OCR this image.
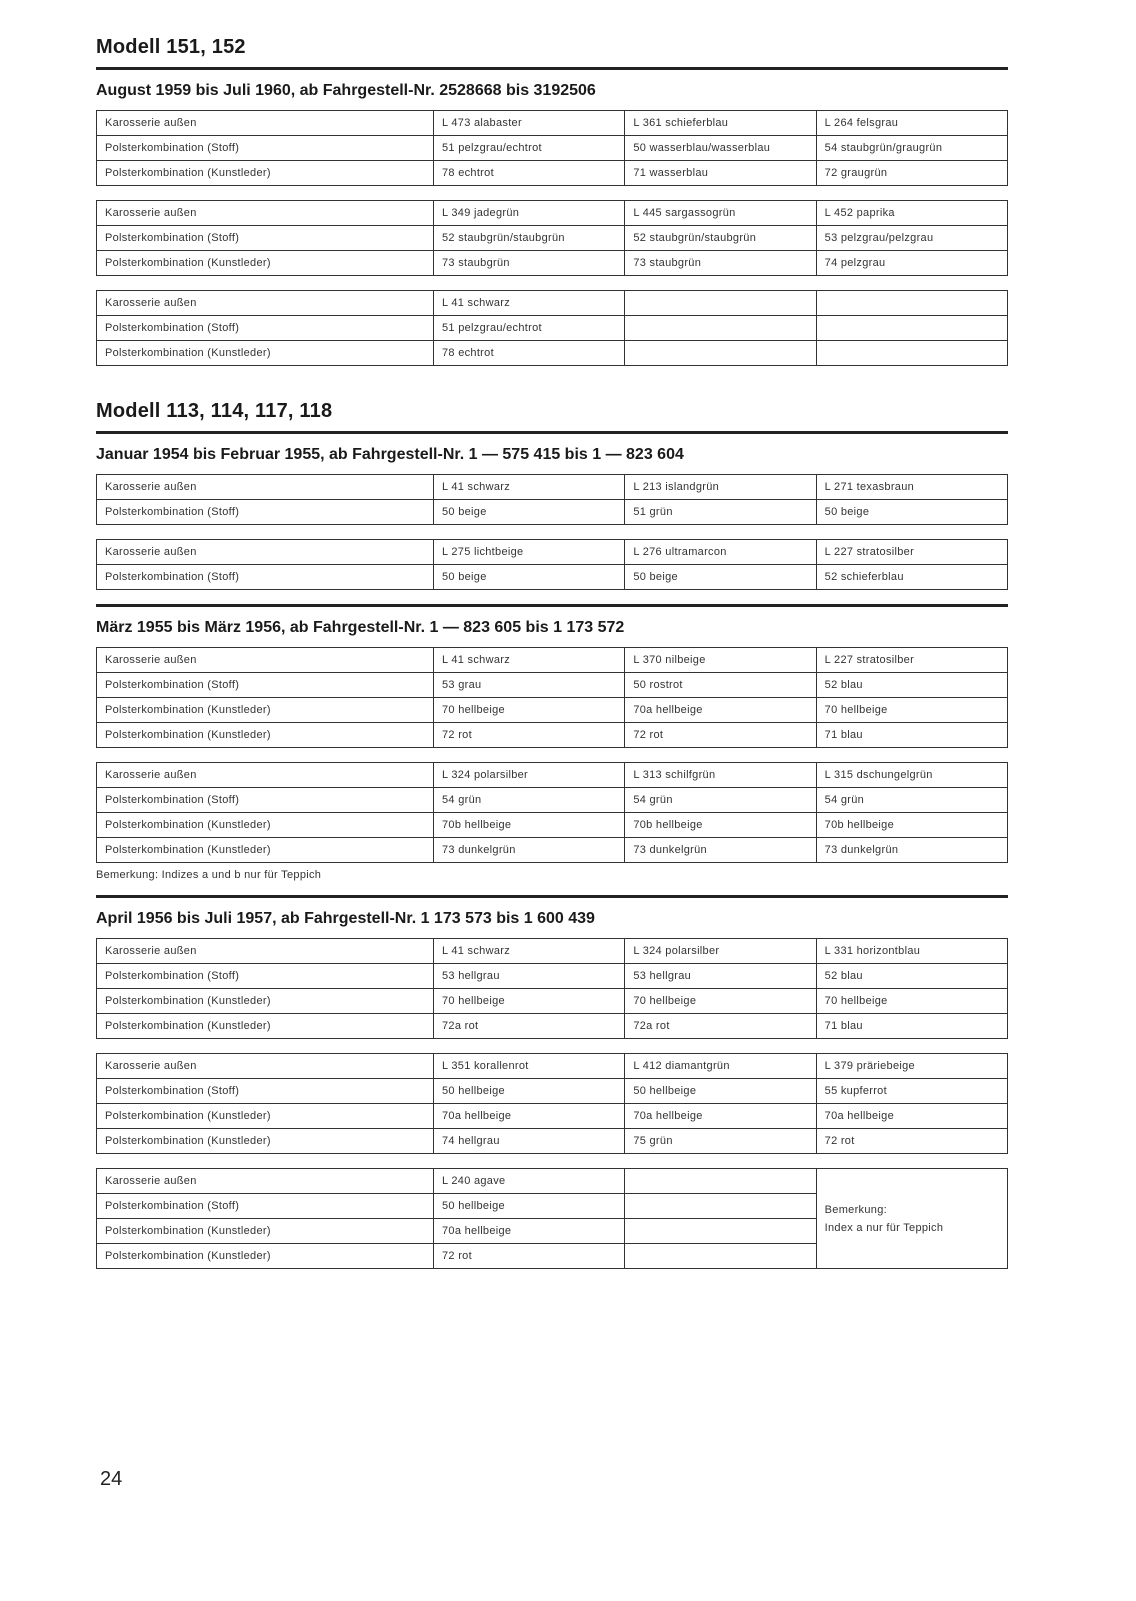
Modell 151, 152
August 1959 bis Juli 1960, ab Fahrgestell-Nr. 2528668 bis 3192506
Karosserie außen	L 473 alabaster	L 361 schieferblau	L 264 felsgrau
Polsterkombination (Stoff)	51 pelzgrau/echtrot	50 wasserblau/wasserblau	54 staubgrün/graugrün
Polsterkombination (Kunstleder)	78 echtrot	71 wasserblau	72 graugrün
Karosserie außen	L 349 jadegrün	L 445 sargassogrün	L 452 paprika
Polsterkombination (Stoff)	52 staubgrün/staubgrün	52 staubgrün/staubgrün	53 pelzgrau/pelzgrau
Polsterkombination (Kunstleder)	73 staubgrün	73 staubgrün	74 pelzgrau
Karosserie außen	L 41 schwarz		
Polsterkombination (Stoff)	51 pelzgrau/echtrot		
Polsterkombination (Kunstleder)	78 echtrot		
Modell 113, 114, 117, 118
Januar 1954 bis Februar 1955, ab Fahrgestell-Nr. 1 — 575 415 bis 1 — 823 604
Karosserie außen	L 41 schwarz	L 213 islandgrün	L 271 texasbraun
Polsterkombination (Stoff)	50 beige	51 grün	50 beige
Karosserie außen	L 275 lichtbeige	L 276 ultramarcon	L 227 stratosilber
Polsterkombination (Stoff)	50 beige	50 beige	52 schieferblau
März 1955 bis März 1956, ab Fahrgestell-Nr. 1 — 823 605 bis 1 173 572
Karosserie außen	L 41 schwarz	L 370 nilbeige	L 227 stratosilber
Polsterkombination (Stoff)	53 grau	50 rostrot	52 blau
Polsterkombination (Kunstleder)	70 hellbeige	70a hellbeige	70 hellbeige
Polsterkombination (Kunstleder)	72 rot	72 rot	71 blau
Karosserie außen	L 324 polarsilber	L 313 schilfgrün	L 315 dschungelgrün
Polsterkombination (Stoff)	54 grün	54 grün	54 grün
Polsterkombination (Kunstleder)	70b hellbeige	70b hellbeige	70b hellbeige
Polsterkombination (Kunstleder)	73 dunkelgrün	73 dunkelgrün	73 dunkelgrün
Bemerkung: Indizes a und b nur für Teppich
April 1956 bis Juli 1957, ab Fahrgestell-Nr. 1 173 573 bis 1 600 439
Karosserie außen	L 41 schwarz	L 324 polarsilber	L 331 horizontblau
Polsterkombination (Stoff)	53 hellgrau	53 hellgrau	52 blau
Polsterkombination (Kunstleder)	70 hellbeige	70 hellbeige	70 hellbeige
Polsterkombination (Kunstleder)	72a rot	72a rot	71 blau
Karosserie außen	L 351 korallenrot	L 412 diamantgrün	L 379 präriebeige
Polsterkombination (Stoff)	50 hellbeige	50 hellbeige	55 kupferrot
Polsterkombination (Kunstleder)	70a hellbeige	70a hellbeige	70a hellbeige
Polsterkombination (Kunstleder)	74 hellgrau	75 grün	72 rot
Karosserie außen	L 240 agave		Bemerkung:
Index a nur für Teppich
Polsterkombination (Stoff)	50 hellbeige		
Polsterkombination (Kunstleder)	70a hellbeige		
Polsterkombination (Kunstleder)	72 rot		
24
